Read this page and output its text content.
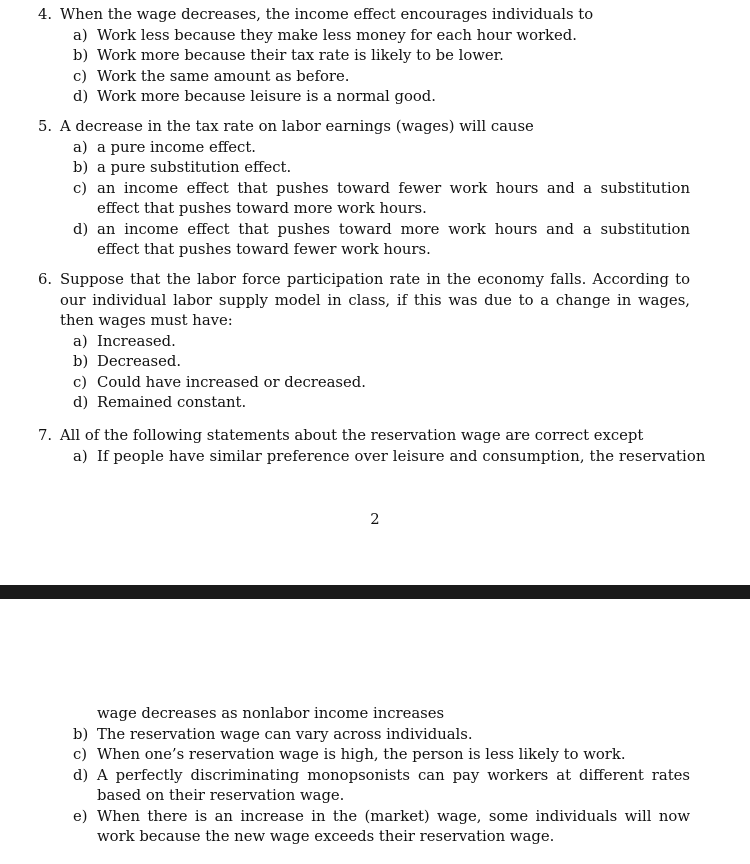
4. When the wage decreases, the income effect encourages individuals to
a) Work less because they make less money for each hour worked.
b) Work more because their tax rate is likely to be lower.
c) Work the same amount as before.
d) Work more because leisure is a normal good.
5. A decrease in the tax rate on labor earnings (wages) will cause
a) a pure income effect.
b) a pure substitution effect.
c) an income effect that pushes toward fewer work hours and a substitution effect that pushes toward more work hours.
d) an income effect that pushes toward more work hours and a substitution effect that pushes toward fewer work hours.
6. Suppose that the labor force participation rate in the economy falls. According to our individual labor supply model in class, if this was due to a change in wages, then wages must have:
a) Increased.
b) Decreased.
c) Could have increased or decreased.
d) Remained constant.
7. All of the following statements about the reservation wage are correct except
a) If people have similar preference over leisure and consumption, the reservation
2
wage decreases as nonlabor income increases
b) The reservation wage can vary across individuals.
c) When one’s reservation wage is high, the person is less likely to work.
d) A perfectly discriminating monopsonists can pay workers at different rates based on their reservation wage.
e) When there is an increase in the (market) wage, some individuals will now work because the new wage exceeds their reservation wage.
